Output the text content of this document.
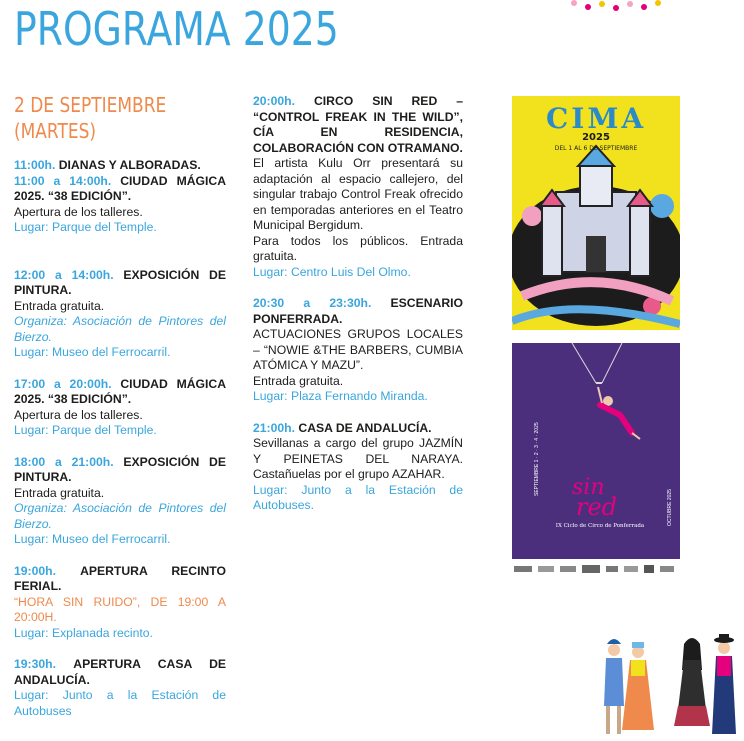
PROGRAMA 2025
2 DE SEPTIEMBRE
(MARTES)
11:00h. DIANAS Y ALBORADAS.
11:00 a 14:00h. CIUDAD MÁGICA 2025. “38 EDICIÓN”.
Apertura de los talleres.
Lugar: Parque del Temple.
12:00 a 14:00h. EXPOSICIÓN DE PINTURA.
Entrada gratuita.
Organiza: Asociación de Pintores del Bierzo.
Lugar: Museo del Ferrocarril.
17:00 a 20:00h. CIUDAD MÁGICA 2025. “38 EDICIÓN”.
Apertura de los talleres.
Lugar: Parque del Temple.
18:00 a 21:00h. EXPOSICIÓN DE PINTURA.
Entrada gratuita.
Organiza: Asociación de Pintores del Bierzo.
Lugar: Museo del Ferrocarril.
19:00h. APERTURA RECINTO FERIAL.
“HORA SIN RUIDO”, DE 19:00 A 20:00H.
Lugar: Explanada recinto.
19:30h. APERTURA CASA DE ANDALUCÍA.
Lugar: Junto a la Estación de Autobuses
20:00h. CIRCO SIN RED – “CONTROL FREAK IN THE WILD”, CÍA EN RESIDENCIA, COLABORACIÓN CON OTRAMANO.
El artista Kulu Orr presentará su adaptación al espacio callejero, del singular trabajo Control Freak ofrecido en temporadas anteriores en el Teatro Municipal Bergidum.
Para todos los públicos. Entrada gratuita.
Lugar: Centro Luis Del Olmo.
20:30 a 23:30h. ESCENARIO PONFERRADA.
ACTUACIONES GRUPOS LOCALES – “NOWIE &THE BARBERS, CUMBIA ATÓMICA Y MAZU”.
Entrada gratuita.
Lugar: Plaza Fernando Miranda.
21:00h. CASA DE ANDALUCÍA.
Sevillanas a cargo del grupo JAZMÍN Y PEINETAS DEL NARAYA. Castañuelas por el grupo AZAHAR.
Lugar: Junto a la Estación de Autobuses.
CIMA
2025
DEL 1 AL 6 DE SEPTIEMBRE
sin
red
IX Ciclo de Circo de Ponferrada
SEPTIEMBRE 1 · 2 · 3 · 4 · 2025
OCTUBRE 2025
